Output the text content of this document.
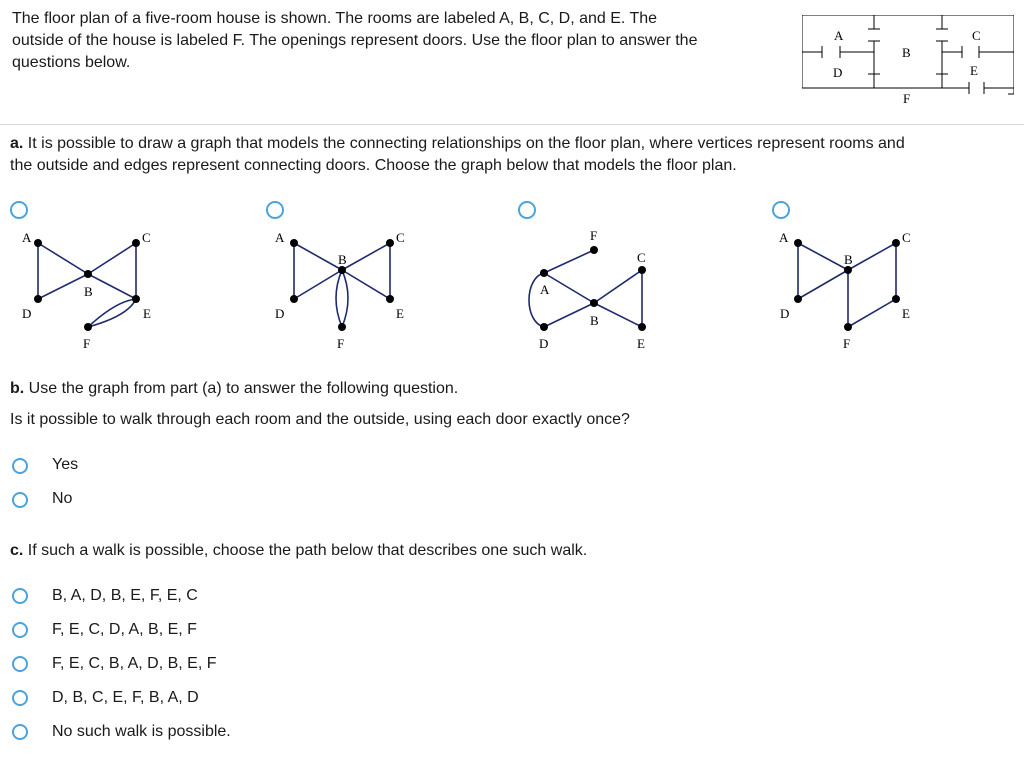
The floor plan of a five-room house is shown. The rooms are labeled A, B, C, D, and E. The
outside of the house is labeled F. The openings represent doors. Use the floor plan to answer the
questions below.
A
B
C
D	E
F
a. It is possible to draw a graph that models the connecting relationships on the floor plan, where vertices represent rooms and
the outside and edges represent connecting doors. Choose the graph below that models the floor plan.
A	C
B
D	E
F
A	C
B
D	E
F
F
C
A
B
D	E
A	C
B
D	E
F
b. Use the graph from part (a) to answer the following question.
Is it possible to walk through each room and the outside, using each door exactly once?
Yes
No
c. If such a walk is possible, choose the path below that describes one such walk.
B, A, D, B, E, F, E, C
F, E, C, D, A, B, E, F
F, E, C, B, A, D, B, E, F
D, B, C, E, F, B, A, D
No such walk is possible.
